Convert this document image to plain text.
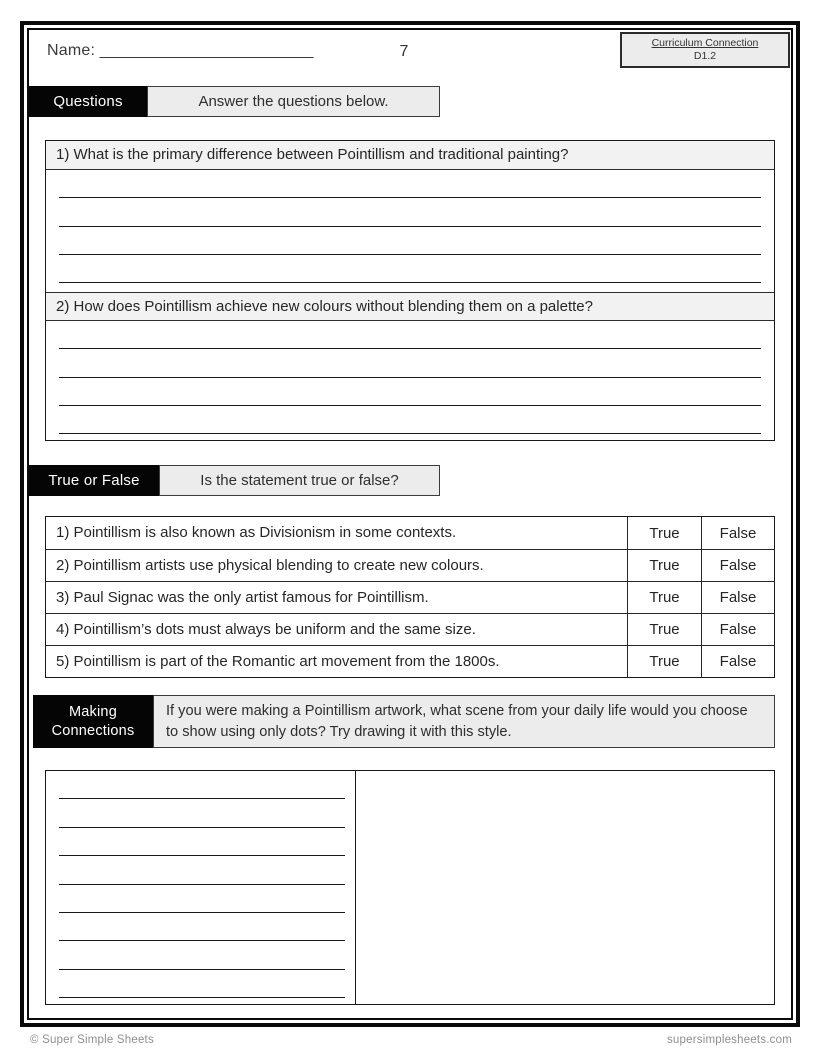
Name: ________________________	7	Curriculum Connection
D1.2
Questions	Answer the questions below.
1) What is the primary difference between Pointillism and traditional painting?
2) How does Pointillism achieve new colours without blending them on a palette?
True or False	Is the statement true or false?
1) Pointillism is also known as Divisionism in some contexts.	True	False
2) Pointillism artists use physical blending to create new colours.	True	False
3) Paul Signac was the only artist famous for Pointillism.	True	False
4) Pointillism’s dots must always be uniform and the same size.	True	False
5) Pointillism is part of the Romantic art movement from the 1800s.	True	False
Making Connections
If you were making a Pointillism artwork, what scene from your daily life would you choose to show using only dots? Try drawing it with this style.
© Super Simple Sheets	supersimplesheets.com
